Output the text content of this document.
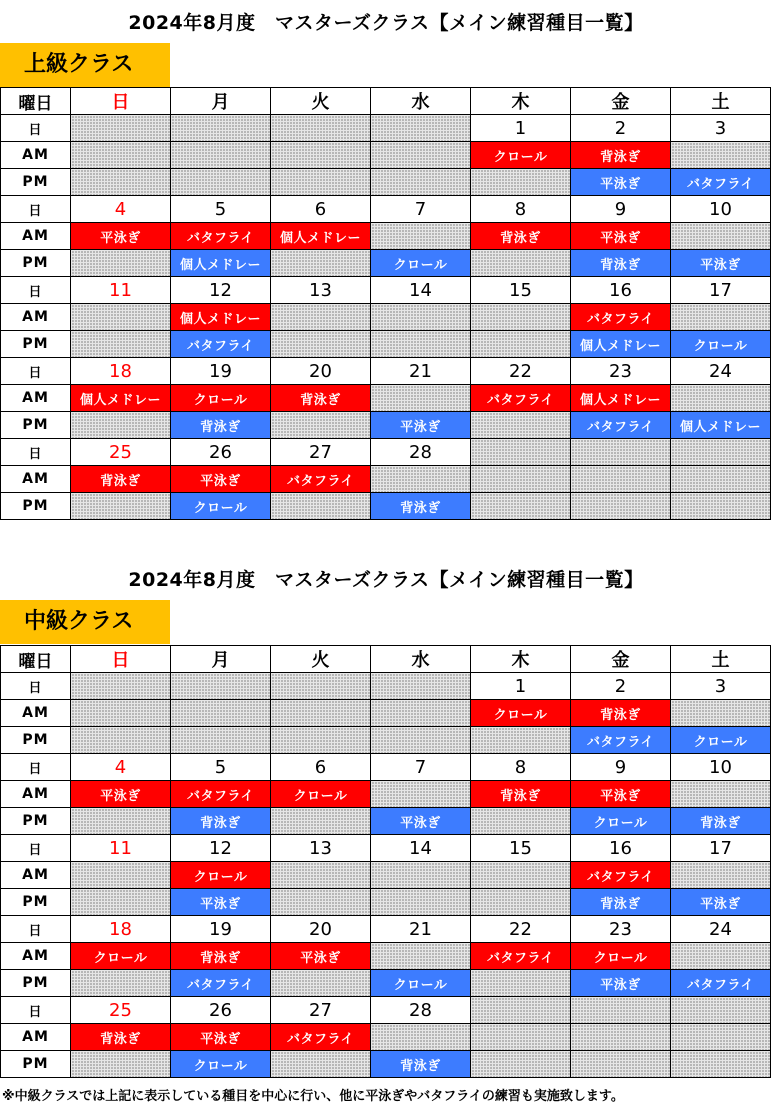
2024年8月度　マスターズクラス【メイン練習種目一覧】
上級クラス
曜日	日	月	火	水	木	金	土
日					1	2	3
AM					クロール	背泳ぎ	
PM						平泳ぎ	バタフライ
日	4	5	6	7	8	9	10
AM	平泳ぎ	バタフライ	個人メドレー		背泳ぎ	平泳ぎ	
PM		個人メドレー		クロール		背泳ぎ	平泳ぎ
日	11	12	13	14	15	16	17
AM		個人メドレー				バタフライ	
PM		バタフライ				個人メドレー	クロール
日	18	19	20	21	22	23	24
AM	個人メドレー	クロール	背泳ぎ		バタフライ	個人メドレー	
PM		背泳ぎ		平泳ぎ		バタフライ	個人メドレー
日	25	26	27	28			
AM	背泳ぎ	平泳ぎ	バタフライ				
PM		クロール		背泳ぎ			
2024年8月度　マスターズクラス【メイン練習種目一覧】
中級クラス
曜日	日	月	火	水	木	金	土
日					1	2	3
AM					クロール	背泳ぎ	
PM						バタフライ	クロール
日	4	5	6	7	8	9	10
AM	平泳ぎ	バタフライ	クロール		背泳ぎ	平泳ぎ	
PM		背泳ぎ		平泳ぎ		クロール	背泳ぎ
日	11	12	13	14	15	16	17
AM		クロール				バタフライ	
PM		平泳ぎ				背泳ぎ	平泳ぎ
日	18	19	20	21	22	23	24
AM	クロール	背泳ぎ	平泳ぎ		バタフライ	クロール	
PM		バタフライ		クロール		平泳ぎ	バタフライ
日	25	26	27	28			
AM	背泳ぎ	平泳ぎ	バタフライ				
PM		クロール		背泳ぎ			
※中級クラスでは上記に表示している種目を中心に行い、他に平泳ぎやバタフライの練習も実施致します。
